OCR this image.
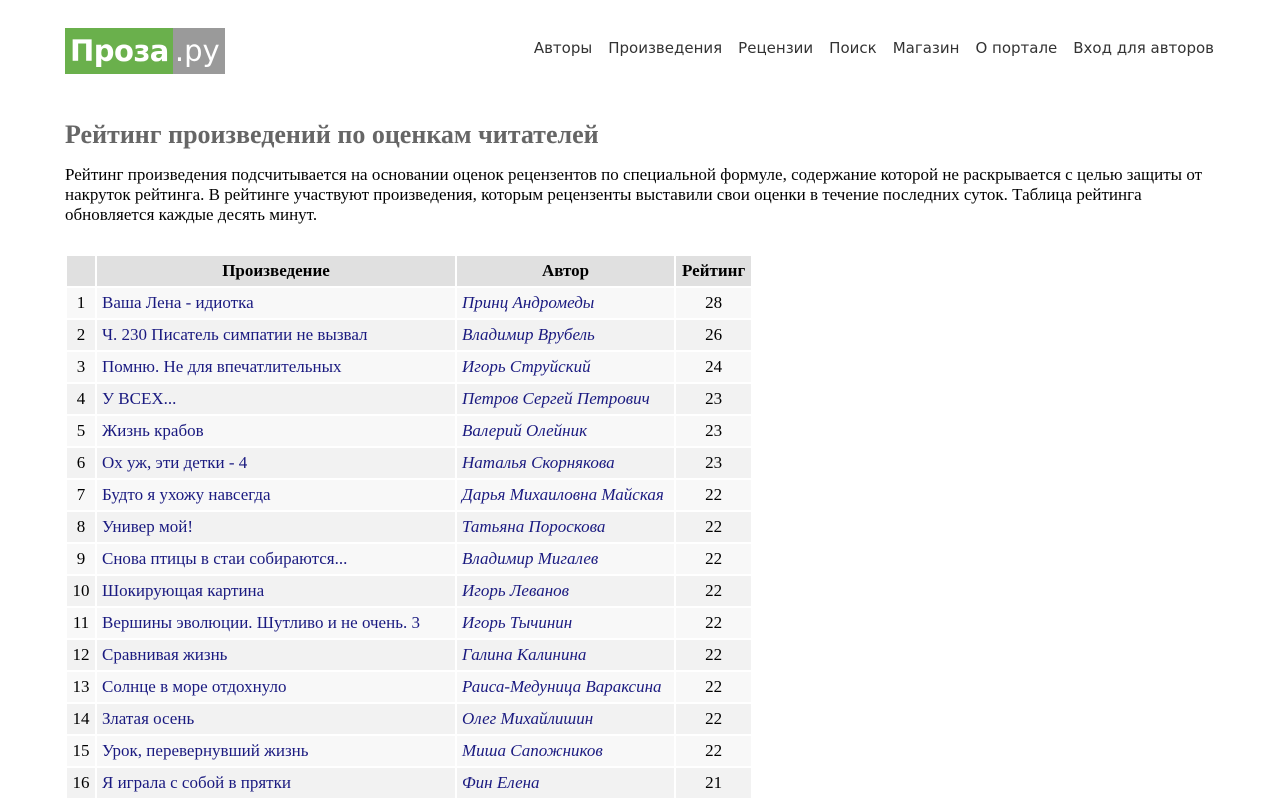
Проза .ру	Авторы Произведения Рецензии Поиск Магазин О портале Вход для авторов
Рейтинг произведений по оценкам читателей

Рейтинг произведения подсчитывается на основании оценок рецензентов по специальной формуле, содержание которой не раскрывается с целью защиты от накруток рейтинга. В рейтинге участвуют произведения, которым рецензенты выставили свои оценки в течение последних суток. Таблица рейтинга обновляется каждые десять минут.

	Произведение	Автор	Рейтинг
1	Ваша Лена - идиотка	Принц Андромеды	28
2	Ч. 230 Писатель симпатии не вызвал	Владимир Врубель	26
3	Помню. Не для впечатлительных	Игорь Струйский	24
4	У ВСЕХ...	Петров Сергей Петрович	23
5	Жизнь крабов	Валерий Олейник	23
6	Ох уж, эти детки - 4	Наталья Скорнякова	23
7	Будто я ухожу навсегда	Дарья Михаиловна Майская	22
8	Универ мой!	Татьяна Пороскова	22
9	Снова птицы в стаи собираются...	Владимир Мигалев	22
10	Шокирующая картина	Игорь Леванов	22
11	Вершины эволюции. Шутливо и не очень. 3	Игорь Тычинин	22
12	Сравнивая жизнь	Галина Калинина	22
13	Солнце в море отдохнуло	Раиса-Медуница Вараксина	22
14	Златая осень	Олег Михайлишин	22
15	Урок, перевернувший жизнь	Миша Сапожников	22
16	Я играла с собой в прятки	Фин Елена	21
